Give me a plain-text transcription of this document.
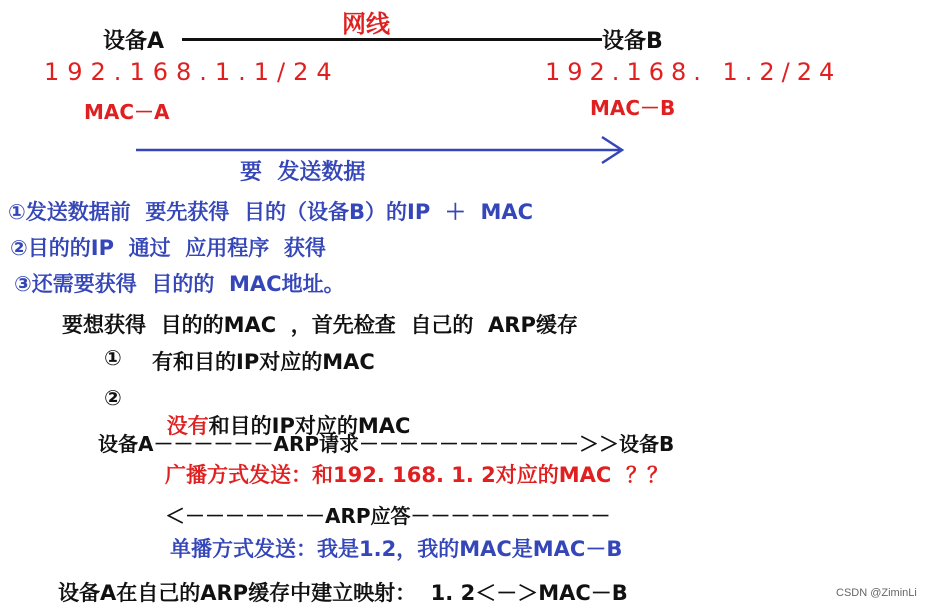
设备A
网线
设备B
192.168.1.1/24	192.168. 1.2/24
MAC－A	MAC－B
要  发送数据
①发送数据前  要先获得  目的（设备B）的IP  ＋  MAC
②目的的IP  通过  应用程序  获得
③还需要获得  目的的  MAC地址。
要想获得  目的的MAC  ，首先检查  自己的  ARP缓存
① 有和目的IP对应的MAC
②

没有和目的IP对应的MAC

设备A－－－－－－ARP请求－－－－－－－－－－－＞＞设备B
广播方式发送：和192. 168. 1. 2对应的MAC  ？？
＜－－－－－－－ARP应答－－－－－－－－－－
单播方式发送：我是1.2，我的MAC是MAC－B
设备A在自己的ARP缓存中建立映射：  1. 2＜－＞MAC－B	CSDN @ZiminLi
